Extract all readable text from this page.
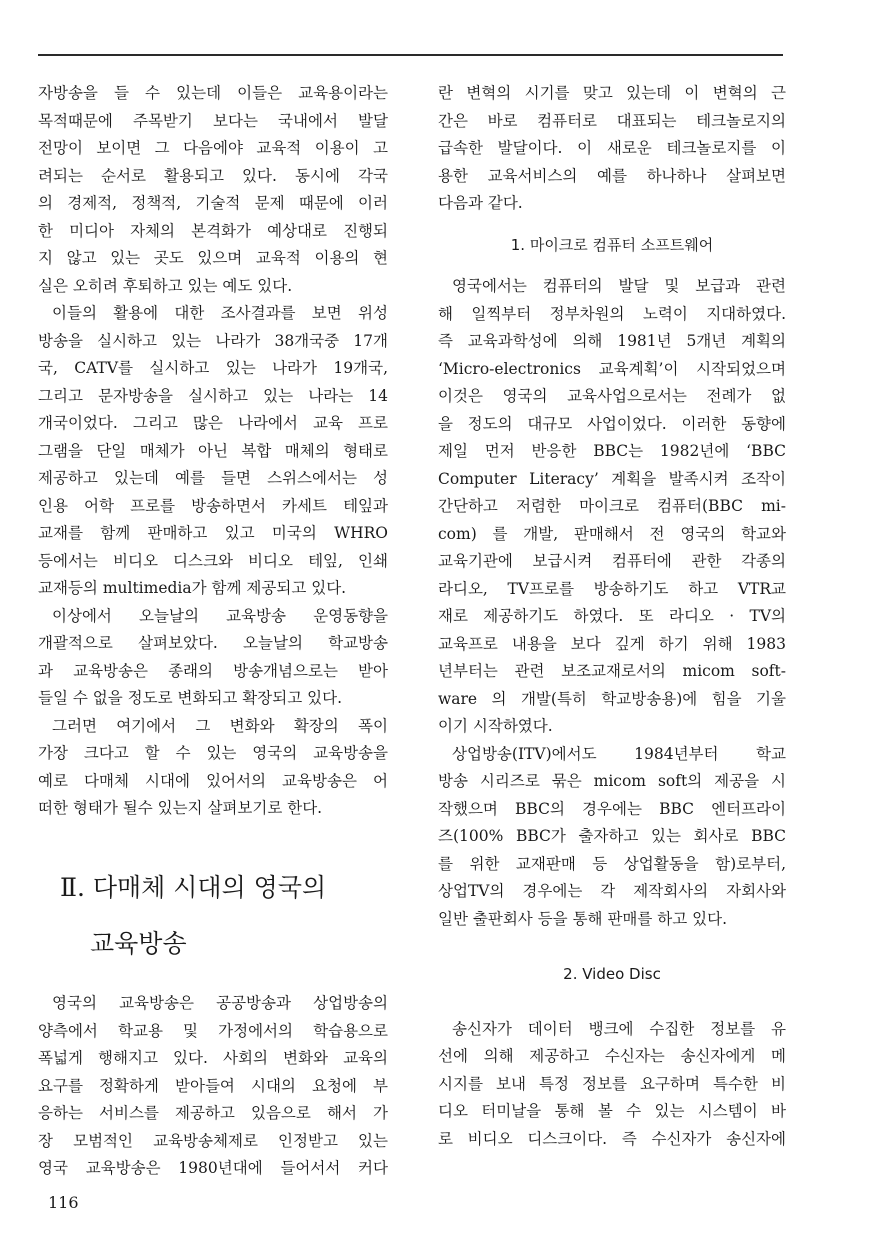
자방송을 들 수 있는데 이들은 교육용이라는
목적때문에 주목받기 보다는 국내에서 발달
전망이 보이면 그 다음에야 교육적 이용이 고
려되는 순서로 활용되고 있다. 동시에 각국
의 경제적, 정책적, 기술적 문제 때문에 이러
한 미디아 자체의 본격화가 예상대로 진행되
지 않고 있는 곳도 있으며 교육적 이용의 현
실은 오히려 후퇴하고 있는 예도 있다.
이들의 활용에 대한 조사결과를 보면 위성
방송을 실시하고 있는 나라가 38개국중 17개
국, CATV를 실시하고 있는 나라가 19개국,
그리고 문자방송을 실시하고 있는 나라는 14
개국이었다. 그리고 많은 나라에서 교육 프로
그램을 단일 매체가 아닌 복합 매체의 형태로
제공하고 있는데 예를 들면 스위스에서는 성
인용 어학 프로를 방송하면서 카세트 테잎과
교재를 함께 판매하고 있고 미국의 WHRO
등에서는 비디오 디스크와 비디오 테잎, 인쇄
교재등의 multimedia가 함께 제공되고 있다.
이상에서 오늘날의 교육방송 운영동향을
개괄적으로 살펴보았다. 오늘날의 학교방송
과 교육방송은 종래의 방송개념으로는 받아
들일 수 없을 정도로 변화되고 확장되고 있다.
그러면 여기에서 그 변화와 확장의 폭이
가장 크다고 할 수 있는 영국의 교육방송을
예로 다매체 시대에 있어서의 교육방송은 어
떠한 형태가 될수 있는지 살펴보기로 한다.
Ⅱ. 다매체 시대의 영국의
교육방송
영국의 교육방송은 공공방송과 상업방송의
양측에서 학교용 및 가정에서의 학습용으로
폭넓게 행해지고 있다. 사회의 변화와 교육의
요구를 정확하게 받아들여 시대의 요청에 부
응하는 서비스를 제공하고 있음으로 해서 가
장 모범적인 교육방송체제로 인정받고 있는
영국 교육방송은 1980년대에 들어서서 커다
란 변혁의 시기를 맞고 있는데 이 변혁의 근
간은 바로 컴퓨터로 대표되는 테크놀로지의
급속한 발달이다. 이 새로운 테크놀로지를 이
용한 교육서비스의 예를 하나하나 살펴보면
다음과 같다.
1. 마이크로 컴퓨터 소프트웨어
영국에서는 컴퓨터의 발달 및 보급과 관련
해 일찍부터 정부차원의 노력이 지대하였다.
즉 교육과학성에 의해 1981년 5개년 계획의
‘Micro-electronics 교육계획’이 시작되었으며
이것은 영국의 교육사업으로서는 전례가 없
을 정도의 대규모 사업이었다. 이러한 동향에
제일 먼저 반응한 BBC는 1982년에 ‘BBC
Computer Literacy’ 계획을 발족시켜 조작이
간단하고 저렴한 마이크로 컴퓨터(BBC mi-
com) 를 개발, 판매해서 전 영국의 학교와
교육기관에 보급시켜 컴퓨터에 관한 각종의
라디오, TV프로를 방송하기도 하고 VTR교
재로 제공하기도 하였다. 또 라디오 · TV의
교육프로 내용을 보다 깊게 하기 위해 1983
년부터는 관련 보조교재로서의 micom soft-
ware 의 개발(특히 학교방송용)에 힘을 기울
이기 시작하였다.
상업방송(ITV)에서도 1984년부터 학교
방송 시리즈로 묶은 micom soft의 제공을 시
작했으며 BBC의 경우에는 BBC 엔터프라이
즈(100% BBC가 출자하고 있는 회사로 BBC
를 위한 교재판매 등 상업활동을 함)로부터,
상업TV의 경우에는 각 제작회사의 자회사와
일반 출판회사 등을 통해 판매를 하고 있다.
2. Video Disc
송신자가 데이터 뱅크에 수집한 정보를 유
선에 의해 제공하고 수신자는 송신자에게 메
시지를 보내 특정 정보를 요구하며 특수한 비
디오 터미날을 통해 볼 수 있는 시스템이 바
로 비디오 디스크이다. 즉 수신자가 송신자에
116
